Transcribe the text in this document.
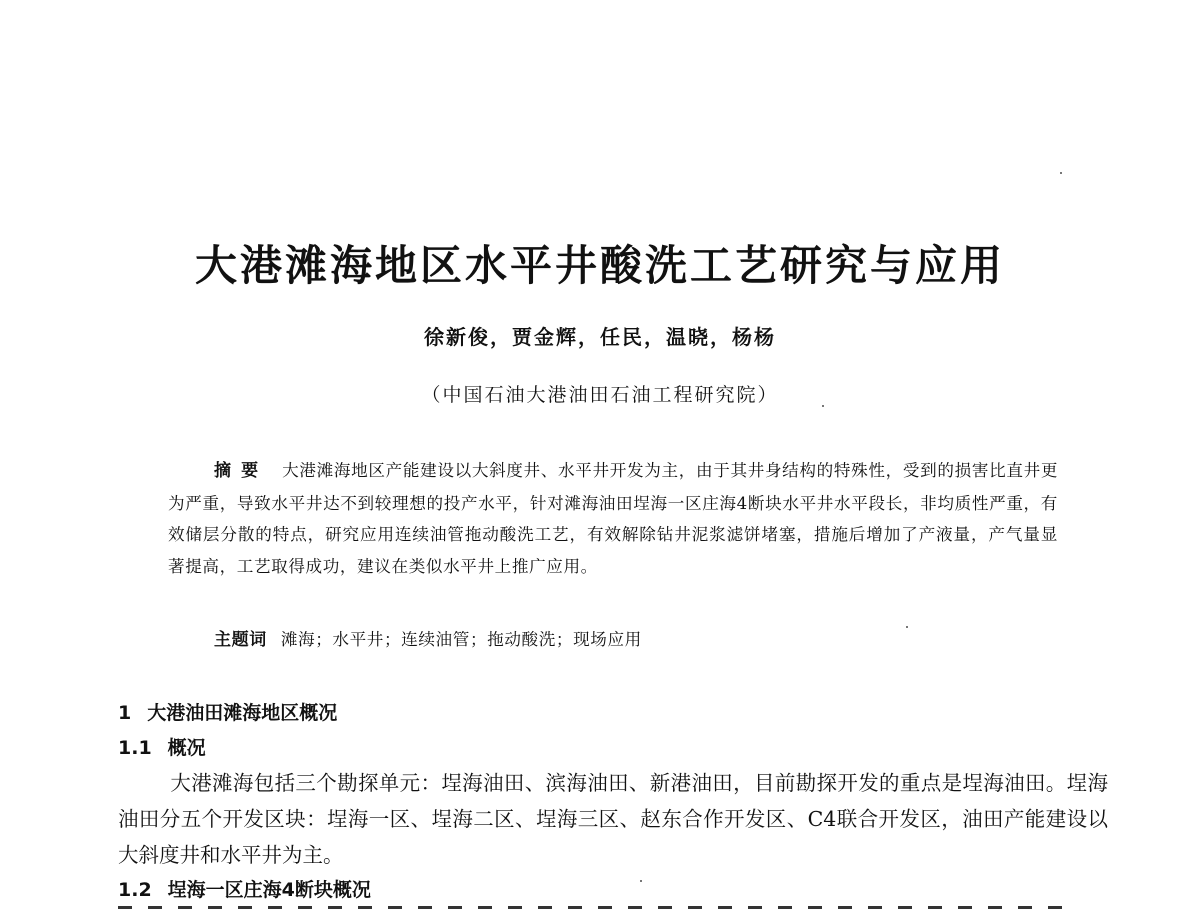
大港滩海地区水平井酸洗工艺研究与应用
徐新俊，贾金辉，任民，温晓，杨杨
（中国石油大港油田石油工程研究院）
摘要 大港滩海地区产能建设以大斜度井、水平井开发为主，由于其井身结构的特殊性，受到的损害比直井更为严重，导致水平井达不到较理想的投产水平，针对滩海油田埕海一区庄海4断块水平井水平段长，非均质性严重，有效储层分散的特点，研究应用连续油管拖动酸洗工艺，有效解除钻井泥浆滤饼堵塞，措施后增加了产液量，产气量显著提高，工艺取得成功，建议在类似水平井上推广应用。
主题词 滩海；水平井；连续油管；拖动酸洗；现场应用
1 大港油田滩海地区概况
1.1 概况
大港滩海包括三个勘探单元：埕海油田、滨海油田、新港油田，目前勘探开发的重点是埕海油田。埕海油田分五个开发区块：埕海一区、埕海二区、埕海三区、赵东合作开发区、C4联合开发区，油田产能建设以大斜度井和水平井为主。
1.2 埕海一区庄海4断块概况
